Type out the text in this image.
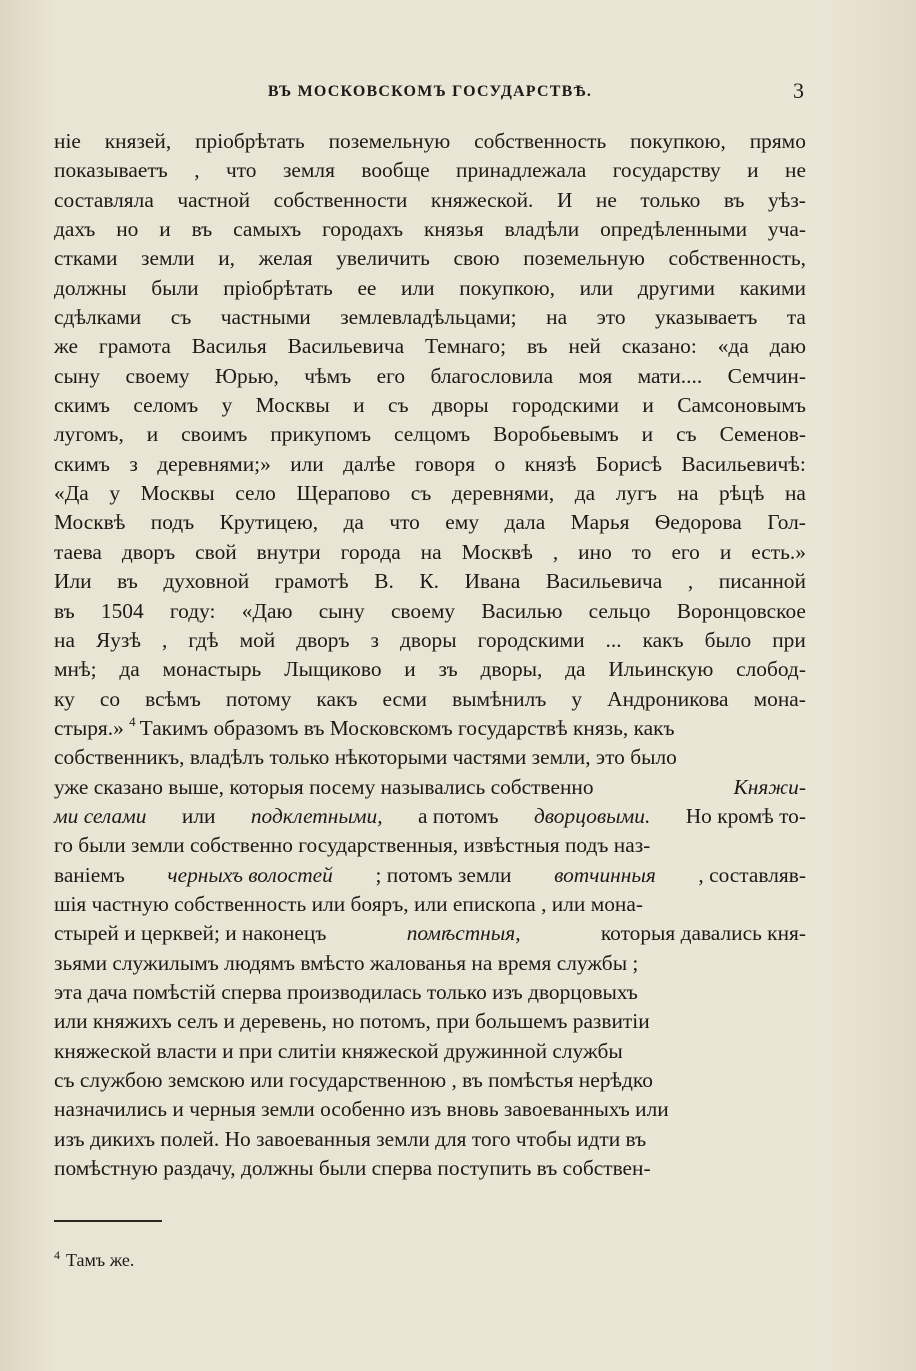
ВЪ МОСКОВСКОМЪ ГОСУДАРСТВѢ.	3
ніе князей, пріобрѣтать поземельную собственность покупкою, прямо
показываетъ , что земля вообще принадлежала государству и не
составляла частной собственности княжеской. И не только въ уѣз-
дахъ но и въ самыхъ городахъ князья владѣли опредѣленными уча-
стками земли и, желая увеличить свою поземельную собственность,
должны были пріобрѣтать ее или покупкою, или другими какими
сдѣлками съ частными землевладѣльцами; на это указываетъ та
же грамота Василья Васильевича Темнаго; въ ней сказано: «да даю
сыну своему Юрью, чѣмъ его благословила моя мати.... Семчин-
скимъ селомъ у Москвы и съ дворы городскими и Самсоновымъ
лугомъ, и своимъ прикупомъ селцомъ Воробьевымъ и съ Семенов-
скимъ з деревнями;» или далѣе говоря о князѣ Борисѣ Васильевичѣ:
«Да у Москвы село Щерапово съ деревнями, да лугъ на рѣцѣ на
Москвѣ подъ Крутицею, да что ему дала Марья Ѳедорова Гол-
таева дворъ свой внутри города на Москвѣ , ино то его и есть.»
Или въ духовной грамотѣ В. К. Ивана Васильевича , писанной
въ 1504 году: «Даю сыну своему Василью сельцо Воронцовское
на Яузѣ , гдѣ мой дворъ з дворы городскими ... какъ было при
мнѣ; да монастырь Лыщиково и зъ дворы, да Ильинскую слобод-
ку со всѣмъ потому какъ есми вымѣнилъ у Андроникова мона-
стыря.» 4 Такимъ образомъ въ Московскомъ государствѣ князь, какъ
собственникъ, владѣлъ только нѣкоторыми частями земли, это было
уже сказано выше, которыя посему назывались собственно	Княжи-
ми селами или подклетными, а потомъ дворцовыми. Но кромѣ то-
го были земли собственно государственныя, извѣстныя подъ наз-
ваніемъ черныхъ волостей ; потомъ земли вотчинныя , составляв-
шія частную собственность или бояръ, или епископа , или мона-
стырей и церквей; и наконецъ	помѣстныя,	которыя давались кня-
зьями служилымъ людямъ вмѣсто жалованья на время службы ;
эта дача помѣстій сперва производилась только изъ дворцовыхъ
или княжихъ селъ и деревень, но потомъ, при большемъ развитіи
княжеской власти и при слитіи княжеской дружинной службы
съ службою земскою или государственною , въ помѣстья нерѣдко
назначились и черныя земли особенно изъ вновь завоеванныхъ или
изъ дикихъ полей. Но завоеванныя земли для того чтобы идти въ
помѣстную раздачу, должны были сперва поступить въ собствен-
$^4$ Тамъ же.
